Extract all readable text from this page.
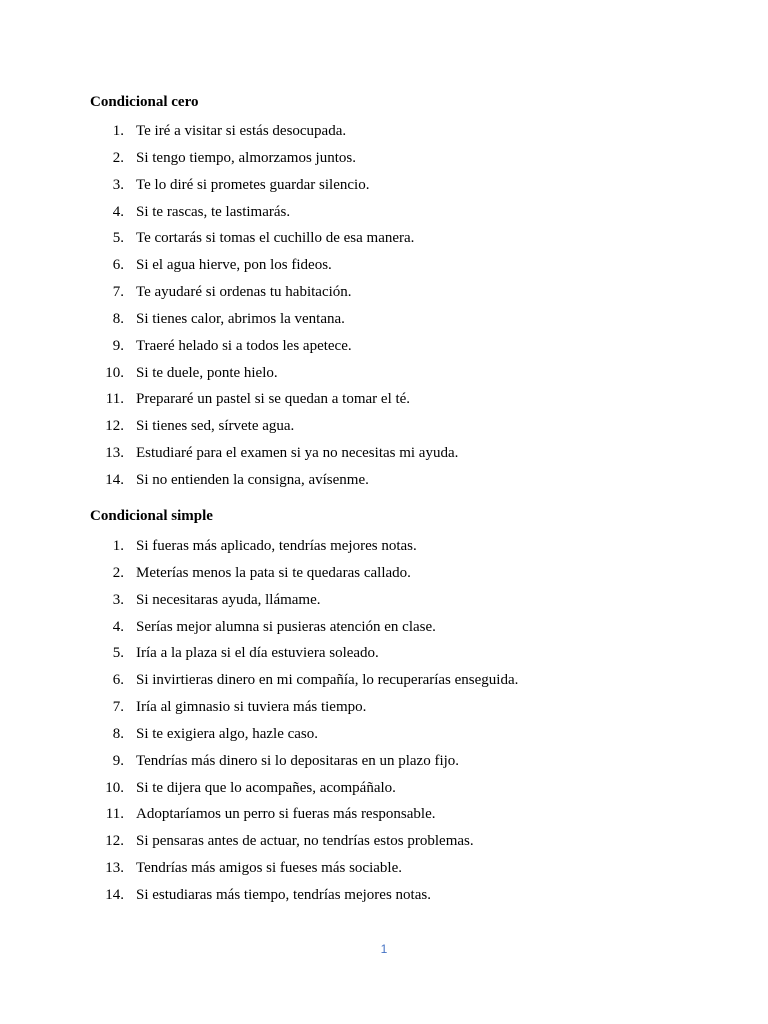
Condicional cero
1. Te iré a visitar si estás desocupada.
2. Si tengo tiempo, almorzamos juntos.
3. Te lo diré si prometes guardar silencio.
4. Si te rascas, te lastimarás.
5. Te cortarás si tomas el cuchillo de esa manera.
6. Si el agua hierve, pon los fideos.
7. Te ayudaré si ordenas tu habitación.
8. Si tienes calor, abrimos la ventana.
9. Traeré helado si a todos les apetece.
10. Si te duele, ponte hielo.
11. Prepararé un pastel si se quedan a tomar el té.
12. Si tienes sed, sírvete agua.
13. Estudiaré para el examen si ya no necesitas mi ayuda.
14. Si no entienden la consigna, avísenme.
Condicional simple
1. Si fueras más aplicado, tendrías mejores notas.
2. Meterías menos la pata si te quedaras callado.
3. Si necesitaras ayuda, llámame.
4. Serías mejor alumna si pusieras atención en clase.
5. Iría a la plaza si el día estuviera soleado.
6. Si invirtieras dinero en mi compañía, lo recuperarías enseguida.
7. Iría al gimnasio si tuviera más tiempo.
8. Si te exigiera algo, hazle caso.
9. Tendrías más dinero si lo depositaras en un plazo fijo.
10. Si te dijera que lo acompañes, acompáñalo.
11. Adoptaríamos un perro si fueras más responsable.
12. Si pensaras antes de actuar, no tendrías estos problemas.
13. Tendrías más amigos si fueses más sociable.
14. Si estudiaras más tiempo, tendrías mejores notas.
1
